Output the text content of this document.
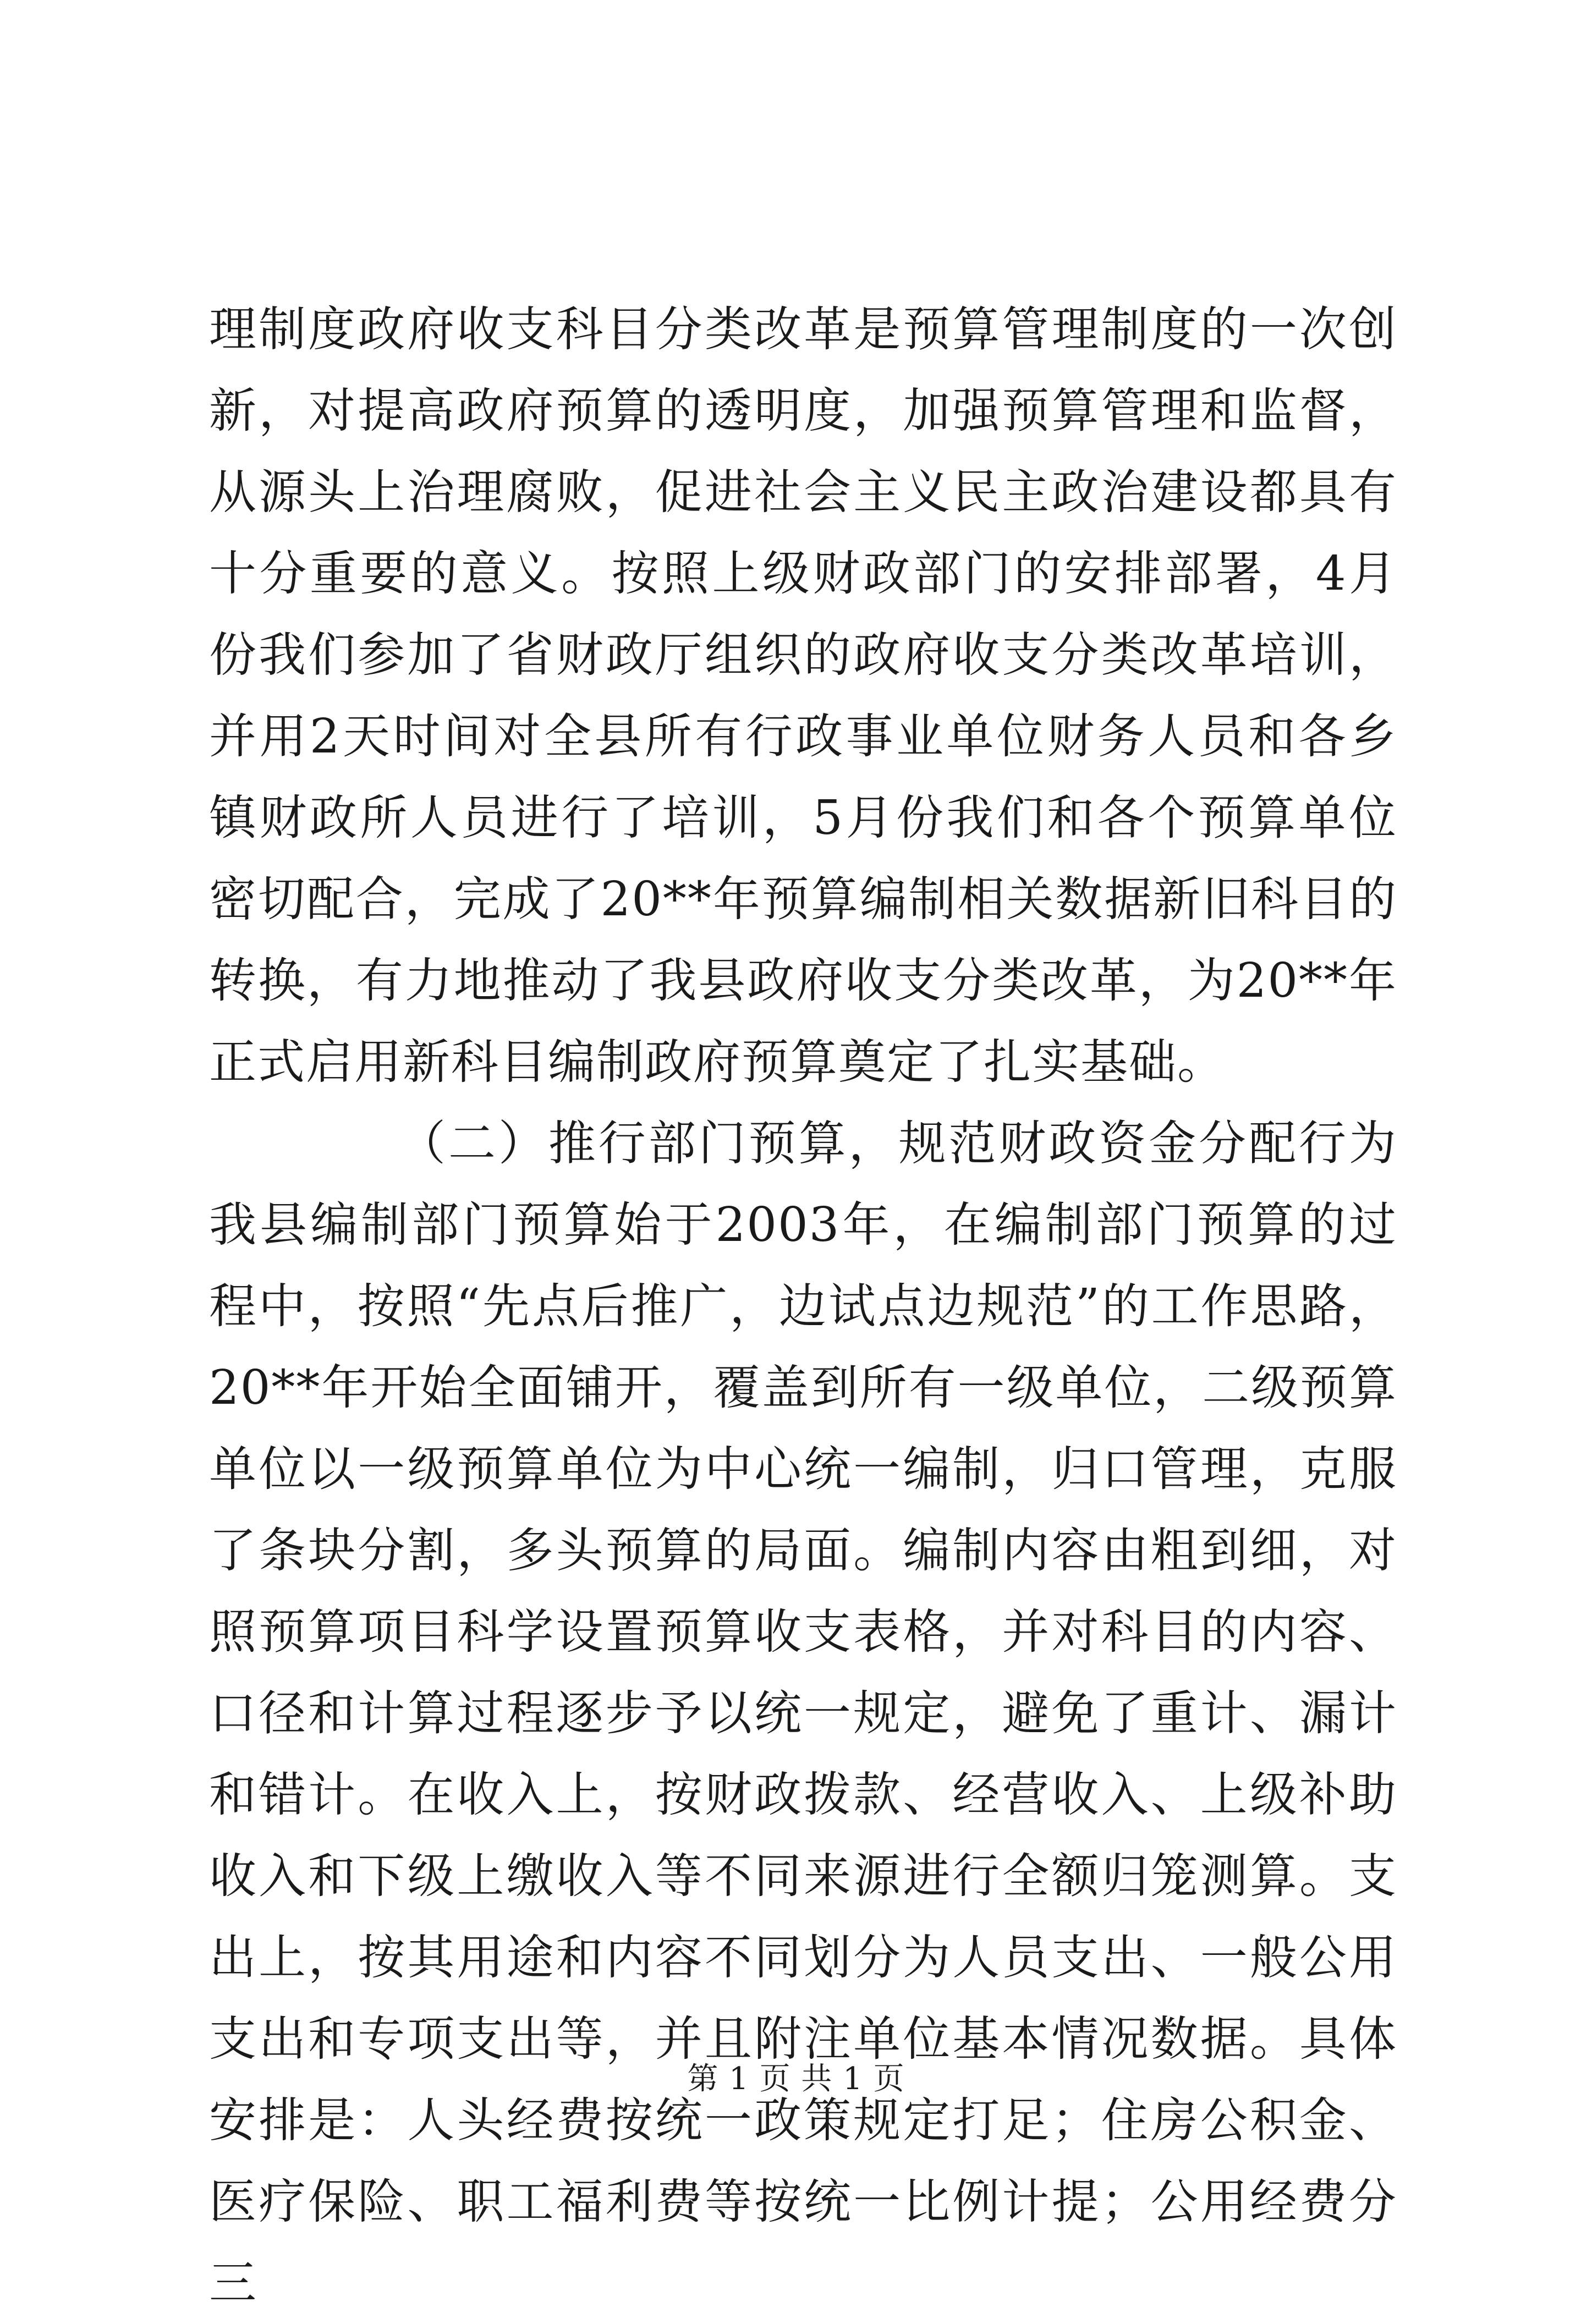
理制度政府收支科目分类改革是预算管理制度的一次创新，对提高政府预算的透明度，加强预算管理和监督，从源头上治理腐败，促进社会主义民主政治建设都具有十分重要的意义。按照上级财政部门的安排部署，4月份我们参加了省财政厅组织的政府收支分类改革培训，并用2天时间对全县所有行政事业单位财务人员和各乡镇财政所人员进行了培训，5月份我们和各个预算单位密切配合，完成了20**年预算编制相关数据新旧科目的转换，有力地推动了我县政府收支分类改革，为20**年正式启用新科目编制政府预算奠定了扎实基础。

（二）推行部门预算，规范财政资金分配行为我县编制部门预算始于2003年，在编制部门预算的过程中，按照“先点后推广，边试点边规范”的工作思路，20**年开始全面铺开，覆盖到所有一级单位，二级预算单位以一级预算单位为中心统一编制，归口管理，克服了条块分割，多头预算的局面。编制内容由粗到细，对照预算项目科学设置预算收支表格，并对科目的内容、口径和计算过程逐步予以统一规定，避免了重计、漏计和错计。在收入上，按财政拨款、经营收入、上级补助收入和下级上缴收入等不同来源进行全额归笼测算。支出上，按其用途和内容不同划分为人员支出、一般公用支出和专项支出等，并且附注单位基本情况数据。具体安排是：人头经费按统一政策规定打足；住房公积金、医疗保险、职工福利费等按统一比例计提；公用经费分三

第 1 页 共 1 页
